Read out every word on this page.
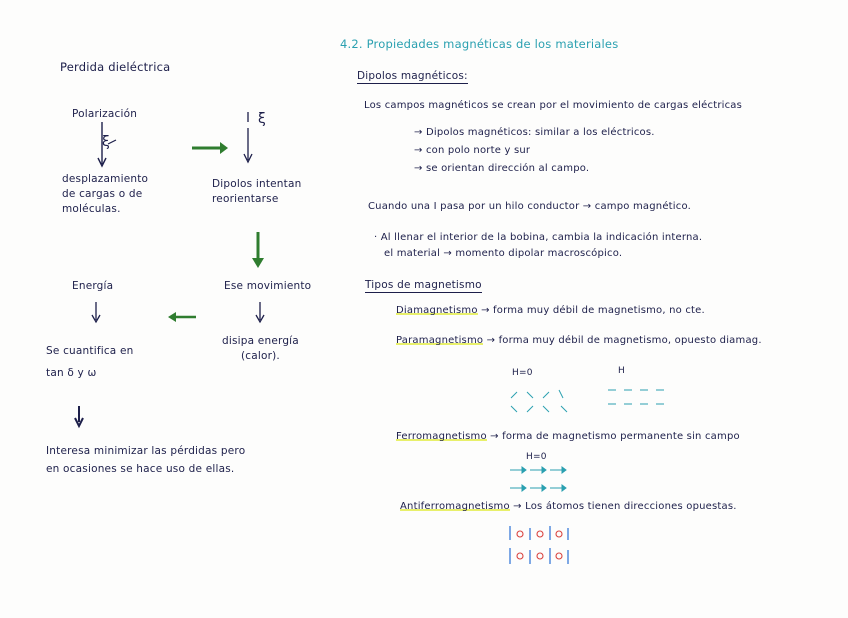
Perdida dieléctrica
Polarización
ξ
ξ
desplazamiento
de cargas o de
moléculas.
Dipolos intentan
reorientarse
Energía	Ese movimiento
Se cuantifica en
tan δ y ω
disipa energía
(calor).
Interesa minimizar las pérdidas pero
en ocasiones se hace uso de ellas.
4.2. Propiedades magnéticas de los materiales
Dipolos magnéticos:
Los campos magnéticos se crean por el movimiento de cargas eléctricas
→ Dipolos magnéticos: similar a los eléctricos.
→ con polo norte y sur
→ se orientan dirección al campo.
Cuando una I pasa por un hilo conductor → campo magnético.
· Al llenar el interior de la bobina, cambia la indicación interna.
el material → momento dipolar macroscópico.
Tipos de magnetismo
Diamagnetismo → forma muy débil de magnetismo, no cte.
Paramagnetismo → forma muy débil de magnetismo, opuesto diamag.
H=0	H
Ferromagnetismo → forma de magnetismo permanente sin campo
H=0
Antiferromagnetismo → Los átomos tienen direcciones opuestas.
